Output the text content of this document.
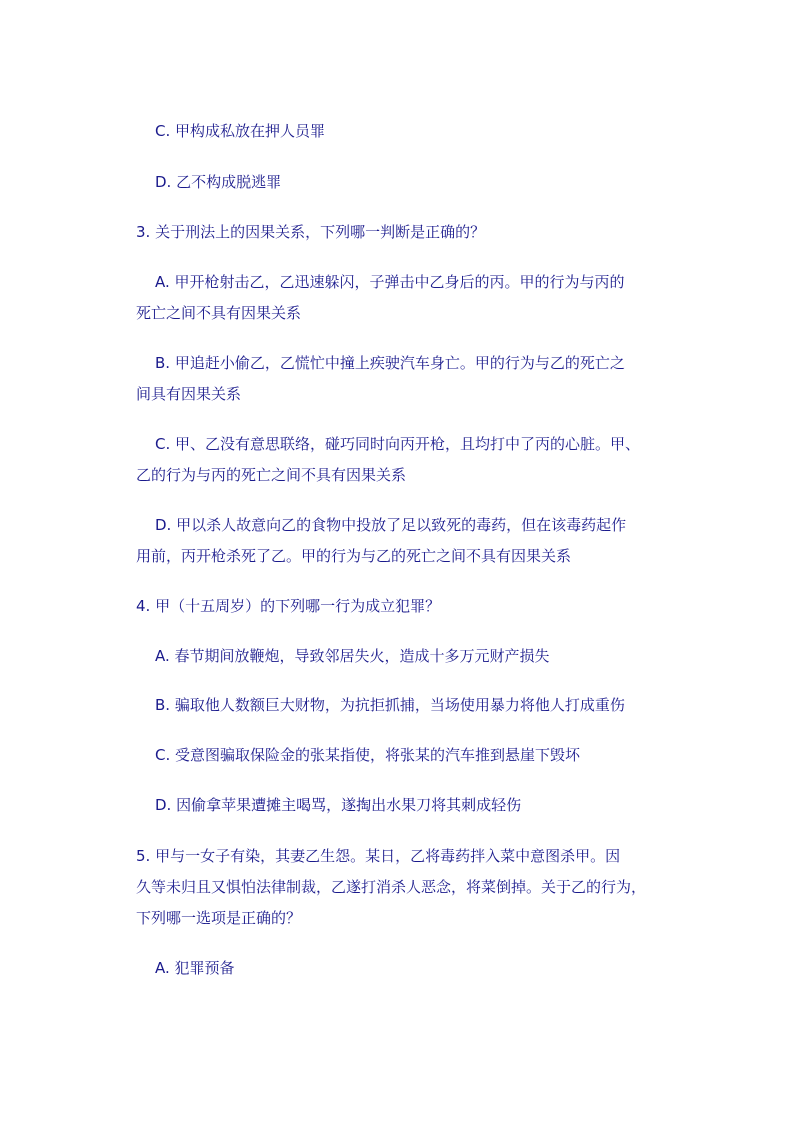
C. 甲构成私放在押人员罪

D. 乙不构成脱逃罪

3. 关于刑法上的因果关系，下列哪一判断是正确的？

A. 甲开枪射击乙，乙迅速躲闪，子弹击中乙身后的丙。甲的行为与丙的

死亡之间不具有因果关系

B. 甲追赶小偷乙，乙慌忙中撞上疾驶汽车身亡。甲的行为与乙的死亡之

间具有因果关系

C. 甲、乙没有意思联络，碰巧同时向丙开枪，且均打中了丙的心脏。甲、

乙的行为与丙的死亡之间不具有因果关系

D. 甲以杀人故意向乙的食物中投放了足以致死的毒药，但在该毒药起作

用前，丙开枪杀死了乙。甲的行为与乙的死亡之间不具有因果关系

4. 甲（十五周岁）的下列哪一行为成立犯罪？

A. 春节期间放鞭炮，导致邻居失火，造成十多万元财产损失

B. 骗取他人数额巨大财物，为抗拒抓捕，当场使用暴力将他人打成重伤

C. 受意图骗取保险金的张某指使，将张某的汽车推到悬崖下毁坏

D. 因偷拿苹果遭摊主喝骂，遂掏出水果刀将其刺成轻伤

5. 甲与一女子有染，其妻乙生怨。某日，乙将毒药拌入菜中意图杀甲。因

久等未归且又惧怕法律制裁，乙遂打消杀人恶念，将菜倒掉。关于乙的行为，

下列哪一选项是正确的？

A. 犯罪预备
